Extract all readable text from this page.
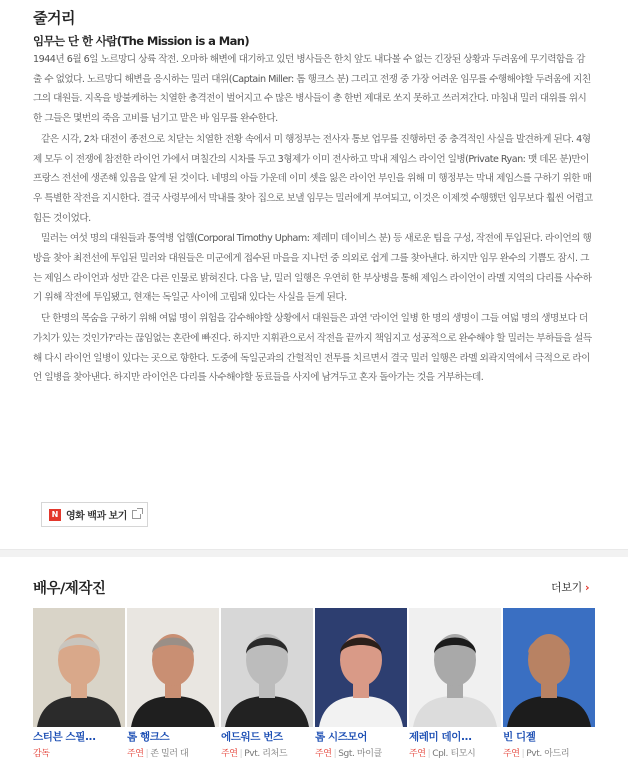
줄거리
임무는 단 한 사람(The Mission is a Man)

1944년 6월 6일 노르망디 상륙 작전. 오마하 해변에 대기하고 있던 병사들은 한치 앞도 내다볼 수 없는 긴장된 상황과 두려움에 무기력함을 감출 수 없었다. 노르망디 해변을 응시하는 밀러 대위(Captain Miller: 톰 행크스 분) 그리고 전쟁 중 가장 어려운 임무를 수행해야할 두려움에 지친 그의 대원들. 지옥을 방불케하는 치열한 총격전이 벌어지고 수 많은 병사들이 총 한번 제대로 쏘지 못하고 쓰러져간다. 마침내 밀러 대위를 위시한 그들은 몇번의 죽음 고비를 넘기고 맡은 바 임무를 완수한다.

같은 시각, 2차 대전이 종전으로 치닫는 치열한 전황 속에서 미 행정부는 전사자 통보 업무를 진행하던 중 충격적인 사실을 발견하게 된다. 4형제 모두 이 전쟁에 참전한 라이언 가에서 며칠간의 시차를 두고 3형제가 이미 전사하고 막내 제임스 라이언 일병(Private Ryan: 맷 데몬 분)만이 프랑스 전선에 생존해 있음을 알게 된 것이다. 네명의 아들 가운데 이미 셋을 잃은 라이언 부인을 위해 미 행정부는 막내 제임스를 구하기 위한 매우 특별한 작전을 지시한다. 결국 사령부에서 막내를 찾아 집으로 보낼 임무는 밀러에게 부여되고, 이것은 이제껏 수행했던 임무보다 훨씬 어렵고 힘든 것이었다.

밀러는 여섯 명의 대원들과 통역병 업햄(Corporal Timothy Upham: 제레미 데이비스 분) 등 새로운 팀을 구성, 작전에 투입된다. 라이언의 행방을 찾아 최전선에 투입된 밀러와 대원들은 미군에게 접수된 마을을 지나던 중 의외로 쉽게 그를 찾아낸다. 하지만 임무 완수의 기쁨도 잠시. 그는 제임스 라이언과 성만 같은 다른 인물로 밝혀진다. 다음 날, 밀러 일행은 우연히 한 부상병을 통해 제임스 라이언이 라멜 지역의 다리를 사수하기 위해 작전에 투입됐고, 현재는 독일군 사이에 고립돼 있다는 사실을 듣게 된다.

단 한명의 목숨을 구하기 위해 여덟 명이 위험을 감수해야할 상황에서 대원들은 과연 '라이언 일병 한 명의 생명이 그들 여덟 명의 생명보다 더 가치가 있는 것인가?'라는 끊임없는 혼란에 빠진다. 하지만 지휘관으로서 작전을 끝까지 책임지고 성공적으로 완수해야 할 밀러는 부하들을 설득해 다시 라이언 일병이 있다는 곳으로 향한다. 도중에 독일군과의 간헐적인 전투를 치르면서 결국 밀러 일행은 라멜 외곽지역에서 극적으로 라이언 일병을 찾아낸다. 하지만 라이언은 다리를 사수해야할 동료들을 사지에 남겨두고 혼자 돌아가는 것을 거부하는데.

N 영화 백과 보기
배우/제작진	더보기 ›
스티븐 스필...
감독
톰 행크스
주연 | 존 밀러 대
에드워드 번즈
주연 | Pvt. 리처드
톰 시즈모어
주연 | Sgt. 마이클
제레미 데이...
주연 | Cpl. 티모시
빈 디젤
주연 | Pvt. 아드리
